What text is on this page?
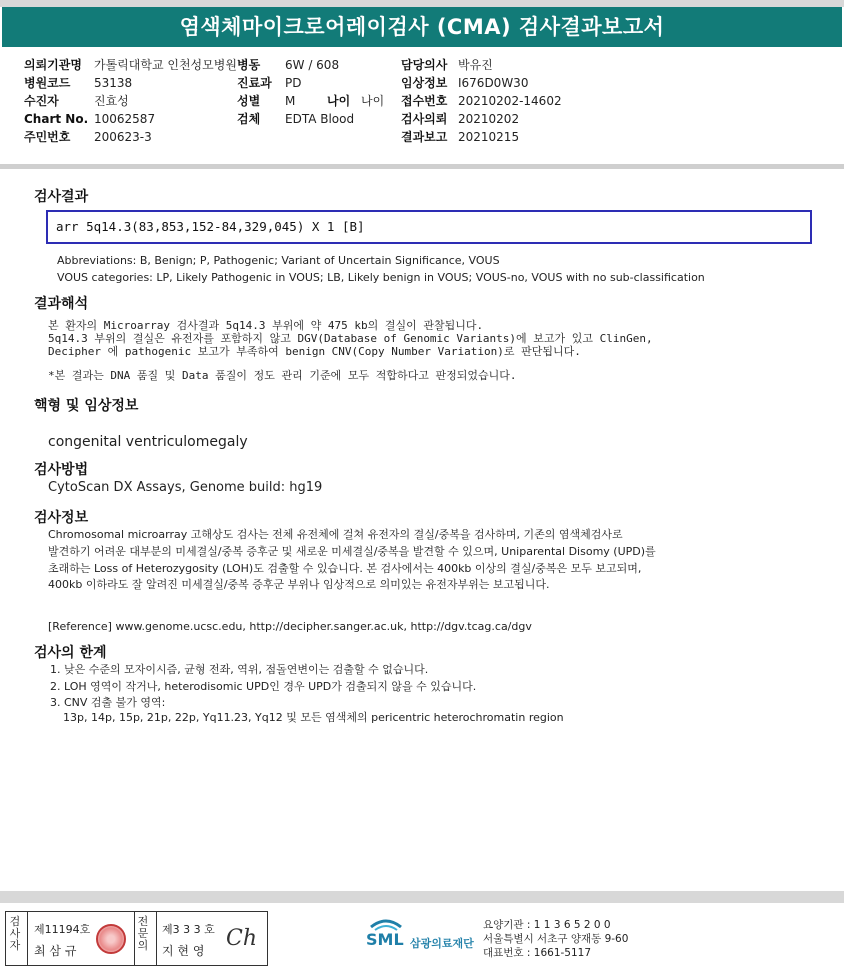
염색체마이크로어레이검사 (CMA) 검사결과보고서
의뢰기관명 가톨릭대학교 인천성모병원
병원코드 53138
수진자	진효성
Chart No. 10062587
주민번호 200623-3
병동 6W / 608
진료과 PD
성별 M	나이 나이
검체 EDTA Blood
담당의사 박유진
임상정보 I676D0W30
접수번호 20210202-14602
검사의뢰 20210202
결과보고 20210215
검사결과
arr 5q14.3(83,853,152-84,329,045) X 1 [B]
Abbreviations: B, Benign; P, Pathogenic; Variant of Uncertain Significance, VOUS
VOUS categories: LP, Likely Pathogenic in VOUS; LB, Likely benign in VOUS; VOUS-no, VOUS with no sub-classification
결과해석
본 환자의 Microarray 검사결과 5q14.3 부위에 약 475 kb의 결실이 관찰됩니다.
5q14.3 부위의 결실은 유전자를 포함하지 않고 DGV(Database of Genomic Variants)에 보고가 있고 ClinGen,
Decipher 에 pathogenic 보고가 부족하여 benign CNV(Copy Number Variation)로 판단됩니다.
*본 결과는 DNA 품질 및 Data 품질이 정도 관리 기준에 모두 적합하다고 판정되었습니다.
핵형 및 임상정보
congenital ventriculomegaly
검사방법
CytoScan DX Assays, Genome build: hg19
검사정보
Chromosomal microarray 고해상도 검사는 전체 유전체에 걸쳐 유전자의 결실/중복을 검사하며, 기존의 염색체검사로
발견하기 어려운 대부분의 미세결실/중복 증후군 및 새로운 미세결실/중복을 발견할 수 있으며, Uniparental Disomy (UPD)를
초래하는 Loss of Heterozygosity (LOH)도 검출할 수 있습니다. 본 검사에서는 400kb 이상의 결실/중복은 모두 보고되며,
400kb 이하라도 잘 알려진 미세결실/중복 증후군 부위나 임상적으로 의미있는 유전자부위는 보고됩니다.
[Reference] www.genome.ucsc.edu, http://decipher.sanger.ac.uk, http://dgv.tcag.ca/dgv
검사의 한계
1. 낮은 수준의 모자이시즘, 균형 전좌, 역위, 점돌연변이는 검출할 수 없습니다.
2. LOH 영역이 작거나, heterodisomic UPD인 경우 UPD가 검출되지 않을 수 있습니다.
3. CNV 검출 불가 영역:
13p, 14p, 15p, 21p, 22p, Yq11.23, Yq12 및 모든 염색체의 pericentric heterochromatin region
검사자
제11194호
최 삼 규
전문의
제3 3 3 호
지 현 영 Ch	SML 삼광의료재단
요양기관 : 1 1 3 6 5 2 0 0
서울특별시 서초구 양재동 9-60
대표번호 : 1661-5117
